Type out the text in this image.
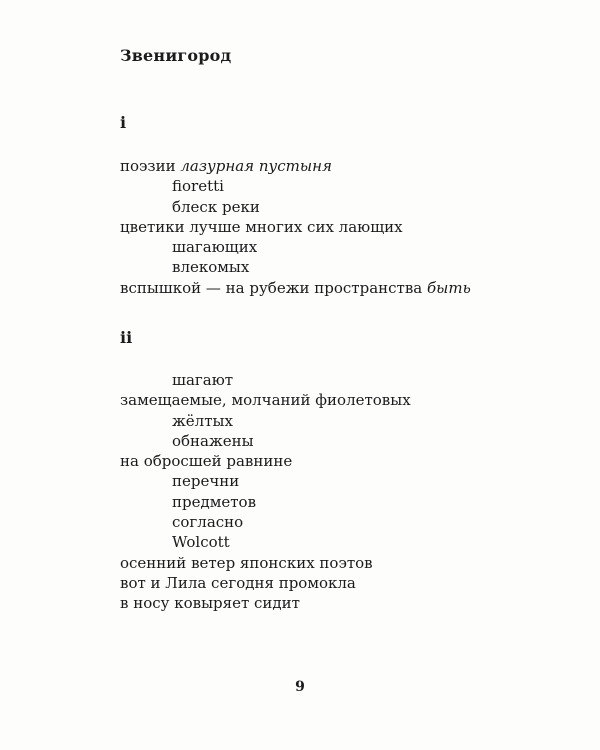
Звенигород
i
поэзии лазурная пустыня
fioretti
блеск реки
цветики лучше многих сих лающих
шагающих
влекомых
вспышкой — на рубежи пространства быть
ii
шагают
замещаемые, молчаний фиолетовых
жёлтых
обнажены
на обросшей равнине
перечни
предметов
согласно
Wolcott
осенний ветер японских поэтов
вот и Лила сегодня промокла
в носу ковыряет сидит
9
